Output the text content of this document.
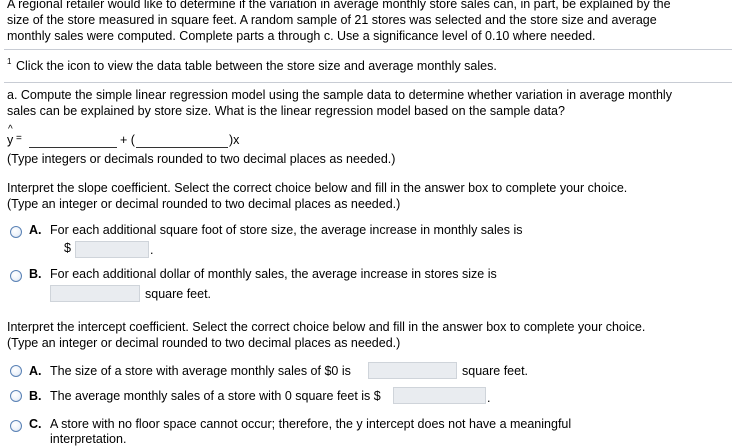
A regional retailer would like to determine if the variation in average monthly store sales can, in part, be explained by the
size of the store measured in square feet. A random sample of 21 stores was selected and the store size and average
monthly sales were computed. Complete parts a through c. Use a significance level of 0.10 where needed.
1 Click the icon to view the data table between the store size and average monthly sales.
a. Compute the simple linear regression model using the sample data to determine whether variation in average monthly
sales can be explained by store size. What is the linear regression model based on the sample data?
^
y =	+ (	)x
(Type integers or decimals rounded to two decimal places as needed.)
Interpret the slope coefficient. Select the correct choice below and fill in the answer box to complete your choice.
(Type an integer or decimal rounded to two decimal places as needed.)
A. For each additional square foot of store size, the average increase in monthly sales is
$	.
B. For each additional dollar of monthly sales, the average increase in stores size is
square feet.
Interpret the intercept coefficient. Select the correct choice below and fill in the answer box to complete your choice.
(Type an integer or decimal rounded to two decimal places as needed.)
A. The size of a store with average monthly sales of $0 is	square feet.
B. The average monthly sales of a store with 0 square feet is $	.
C. A store with no floor space cannot occur; therefore, the y intercept does not have a meaningful
interpretation.
